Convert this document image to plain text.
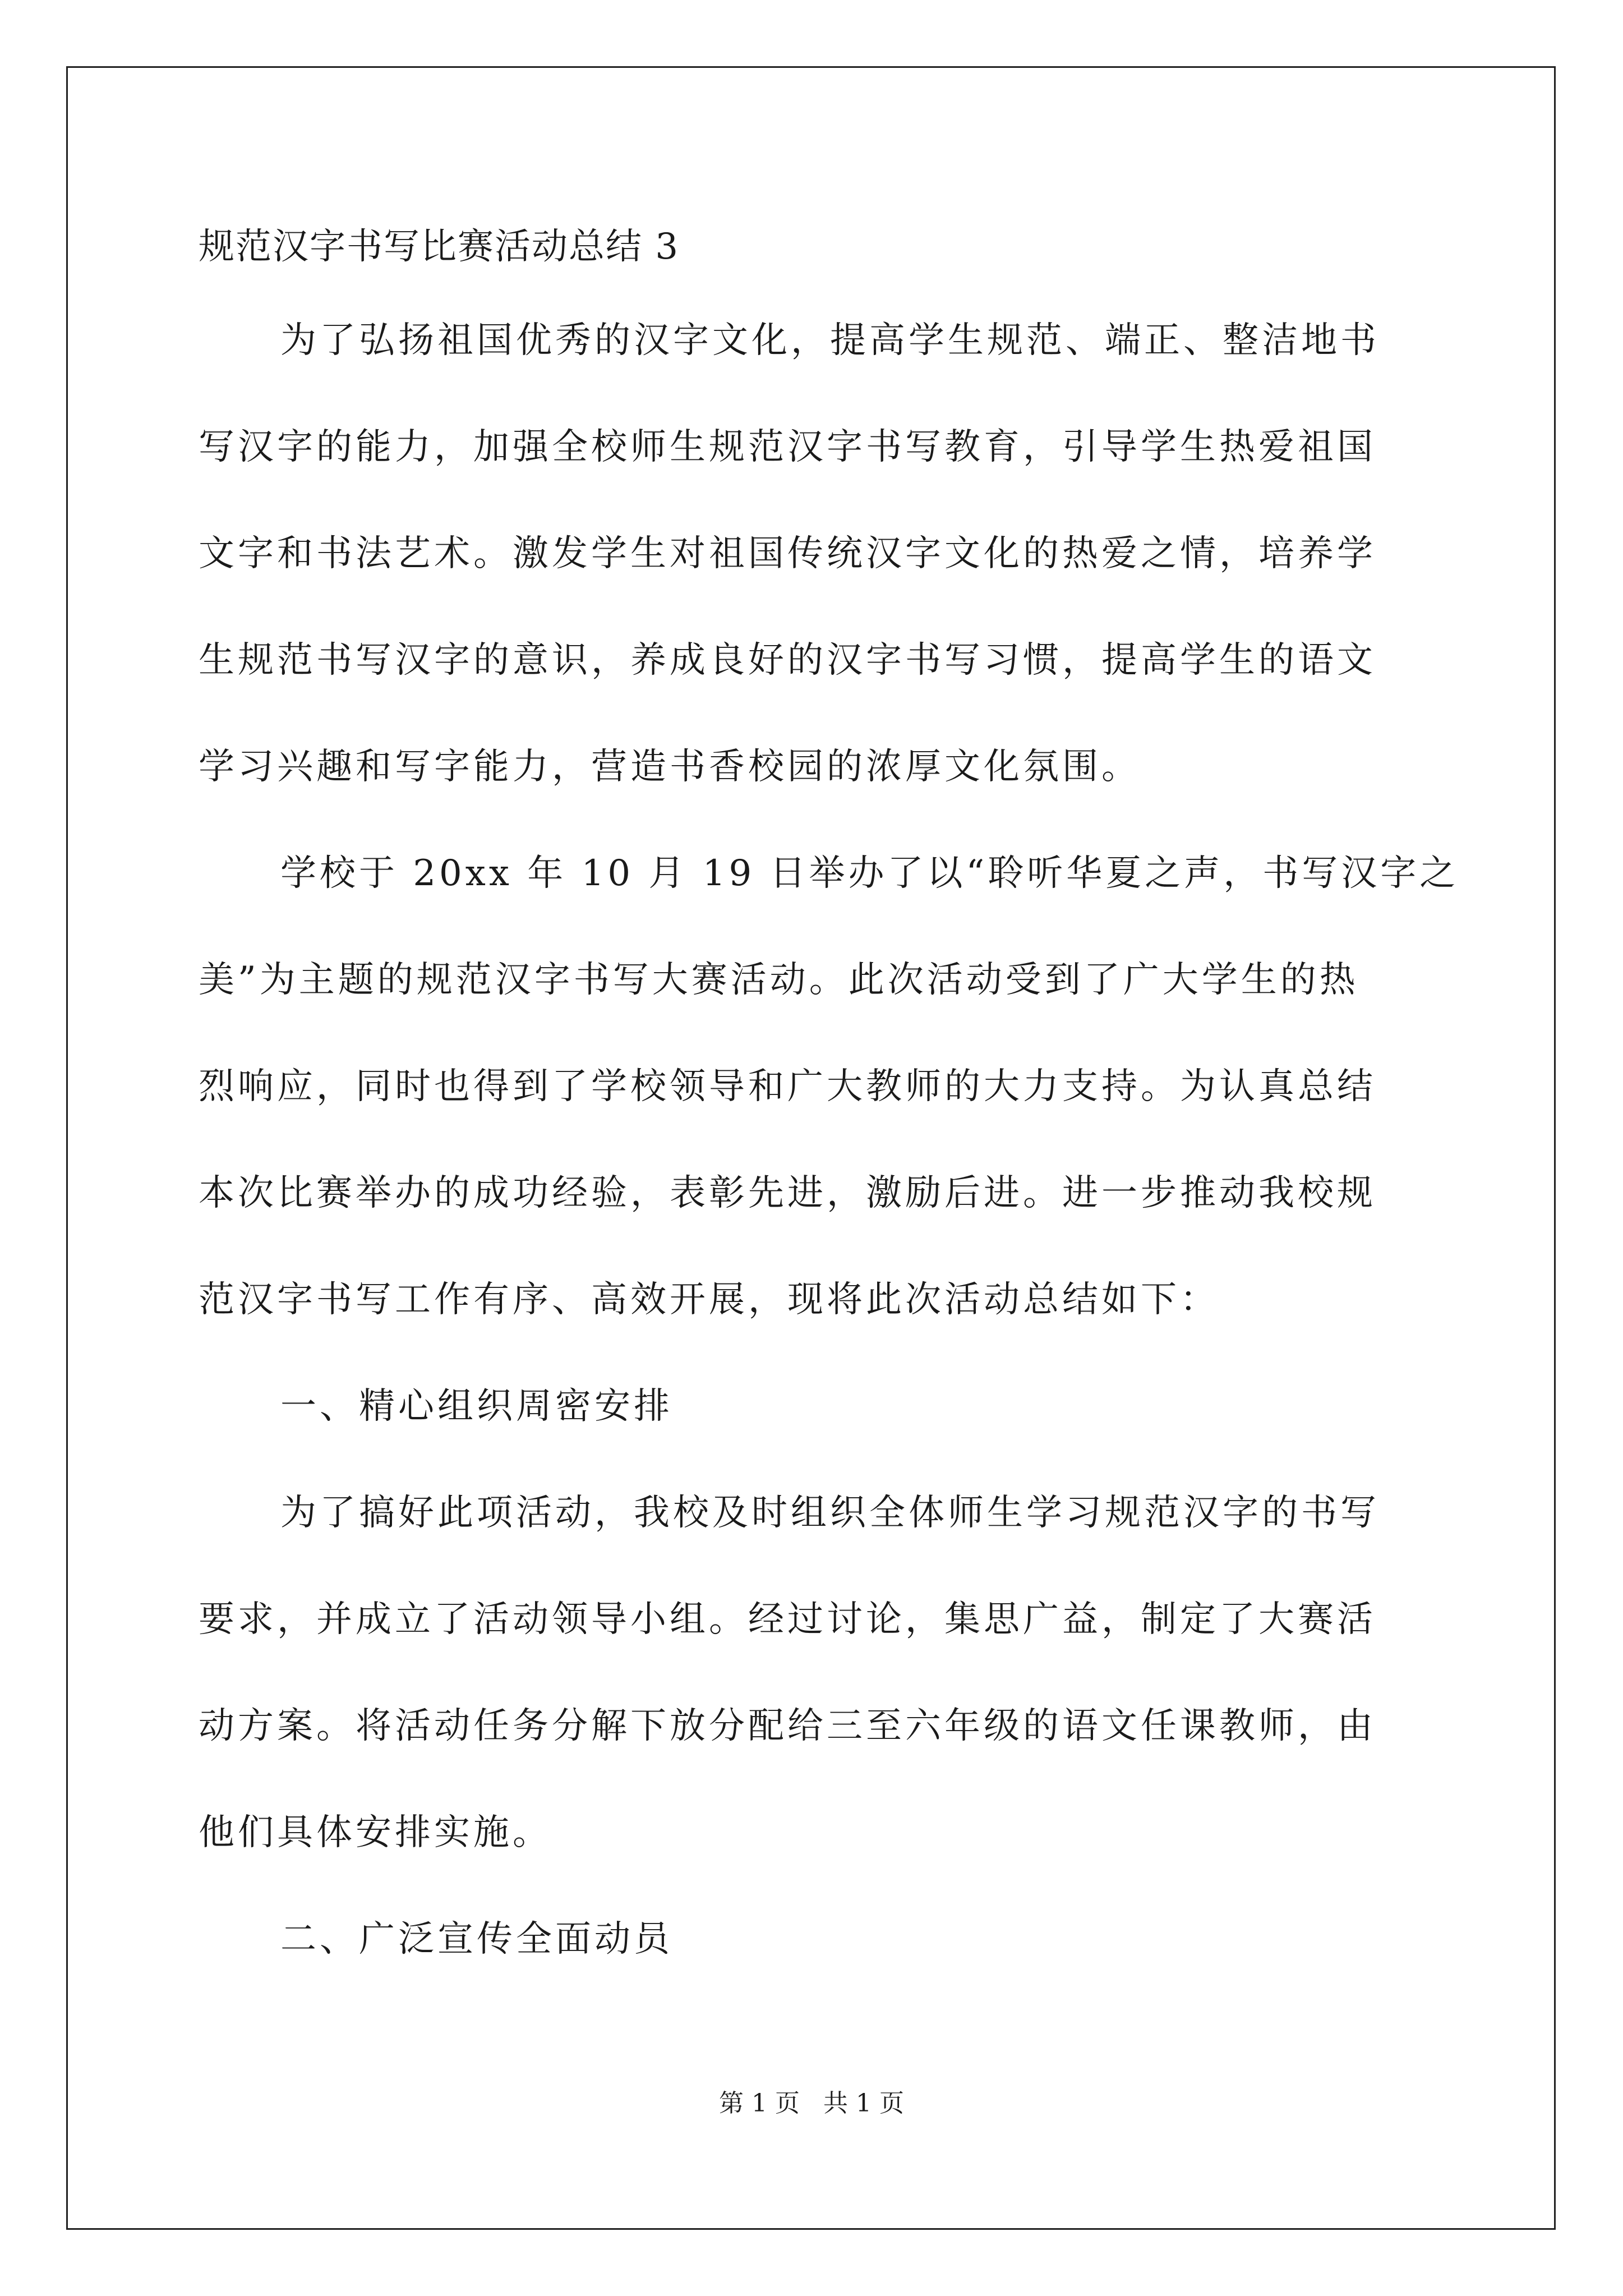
规范汉字书写比赛活动总结 3
为了弘扬祖国优秀的汉字文化，提高学生规范、端正、整洁地书
写汉字的能力，加强全校师生规范汉字书写教育，引导学生热爱祖国
文字和书法艺术。激发学生对祖国传统汉字文化的热爱之情，培养学
生规范书写汉字的意识，养成良好的汉字书写习惯，提高学生的语文
学习兴趣和写字能力，营造书香校园的浓厚文化氛围。
学校于 20xx 年 10 月 19 日举办了以“聆听华夏之声，书写汉字之
美”为主题的规范汉字书写大赛活动。此次活动受到了广大学生的热
烈响应，同时也得到了学校领导和广大教师的大力支持。为认真总结
本次比赛举办的成功经验，表彰先进，激励后进。进一步推动我校规
范汉字书写工作有序、高效开展，现将此次活动总结如下：
一、精心组织周密安排
为了搞好此项活动，我校及时组织全体师生学习规范汉字的书写
要求，并成立了活动领导小组。经过讨论，集思广益，制定了大赛活
动方案。将活动任务分解下放分配给三至六年级的语文任课教师，由
他们具体安排实施。
二、广泛宣传全面动员
第 1 页   共 1 页
